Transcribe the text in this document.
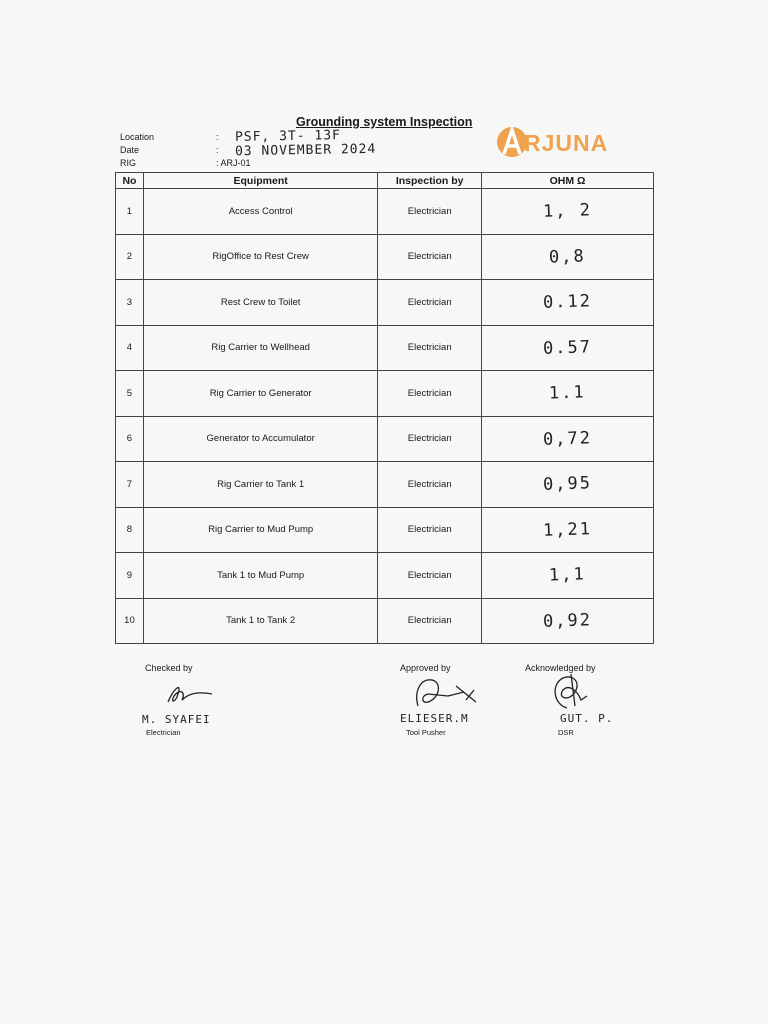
Grounding system Inspection
RJUNA
Location	: PSF, 3T- 13F
Date	: 03 NOVEMBER 2024
RIG	: ARJ-01
No	Equipment	Inspection by	OHM Ω
1	Access Control	Electrician	1, 2
2	RigOffice to Rest Crew	Electrician	0,8
3	Rest Crew to Toilet	Electrician	0.12
4	Rig Carrier to Wellhead	Electrician	0.57
5	Rig Carrier to Generator	Electrician	1.1
6	Generator to Accumulator	Electrician	0,72
7	Rig Carrier to Tank 1	Electrician	0,95
8	Rig Carrier to Mud Pump	Electrician	1,21
9	Tank 1 to Mud Pump	Electrician	1,1
10	Tank 1 to Tank 2	Electrician	0,92
Checked by
M. SYAFEI
Electrician
Approved by
ELIESER.M
Tool Pusher
Acknowledged by
GUT. P.
DSR
